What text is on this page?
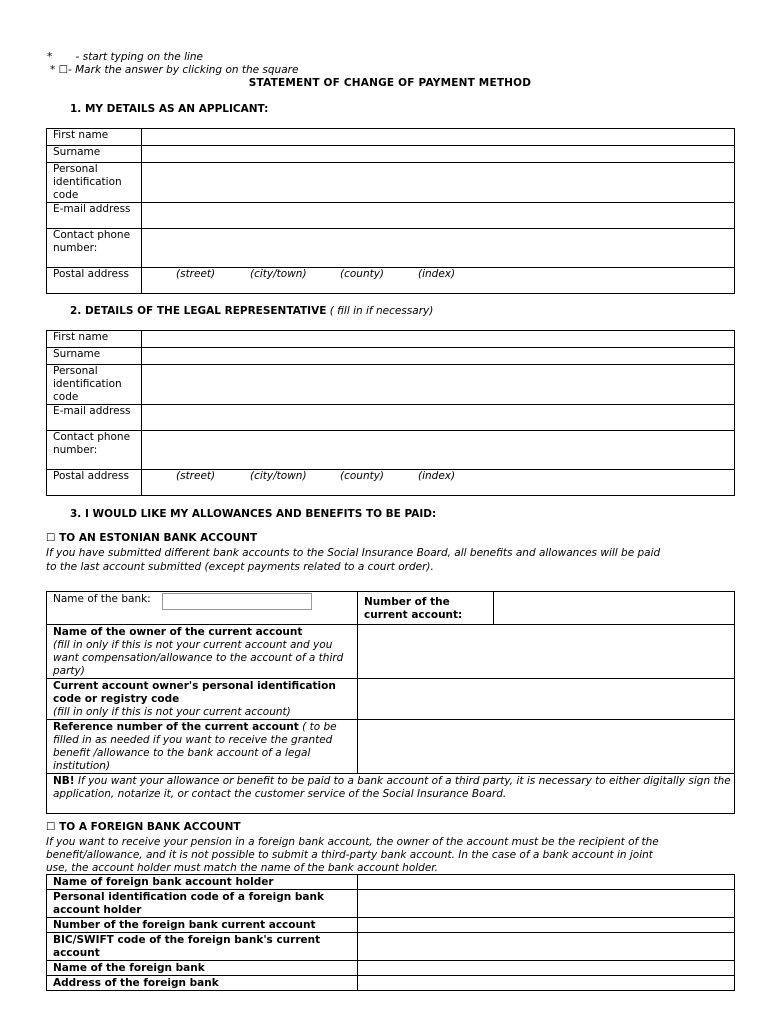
* - start typing on the line
* ☐- Mark the answer by clicking on the square
STATEMENT OF CHANGE OF PAYMENT METHOD
1. MY DETAILS AS AN APPLICANT:
First name	
Surname	
Personal identification code	
E-mail address	
Contact phone number:	
Postal address	(street) (city/town) (county) (index)
2. DETAILS OF THE LEGAL REPRESENTATIVE ( fill in if necessary)
First name	
Surname	
Personal identification code	
E-mail address	
Contact phone number:	
Postal address	(street) (city/town) (county) (index)
3. I WOULD LIKE MY ALLOWANCES AND BENEFITS TO BE PAID:
☐ TO AN ESTONIAN BANK ACCOUNT
If you have submitted different bank accounts to the Social Insurance Board, all benefits and allowances will be paid
to the last account submitted (except payments related to a court order).
Name of the bank:	Number of the
current account:	

Name of the owner of the current account
(fill in only if this is not your current account and you want compensation/allowance to the account of a third party)		

Current account owner's personal identification code or registry code
(fill in only if this is not your current account)		

Reference number of the current account ( to be filled in as needed if you want to receive the granted benefit /allowance to the bank account of a legal institution)		
NB! If you want your allowance or benefit to be paid to a bank account of a third party, it is necessary to either digitally sign the application, notarize it, or contact the customer service of the Social Insurance Board.		
☐ TO A FOREIGN BANK ACCOUNT
If you want to receive your pension in a foreign bank account, the owner of the account must be the recipient of the
benefit/allowance, and it is not possible to submit a third-party bank account. In the case of a bank account in joint
use, the account holder must match the name of the bank account holder.
Name of foreign bank account holder	
Personal identification code of a foreign bank account holder	
Number of the foreign bank current account	
BIC/SWIFT code of the foreign bank's current account	
Name of the foreign bank	
Address of the foreign bank	
